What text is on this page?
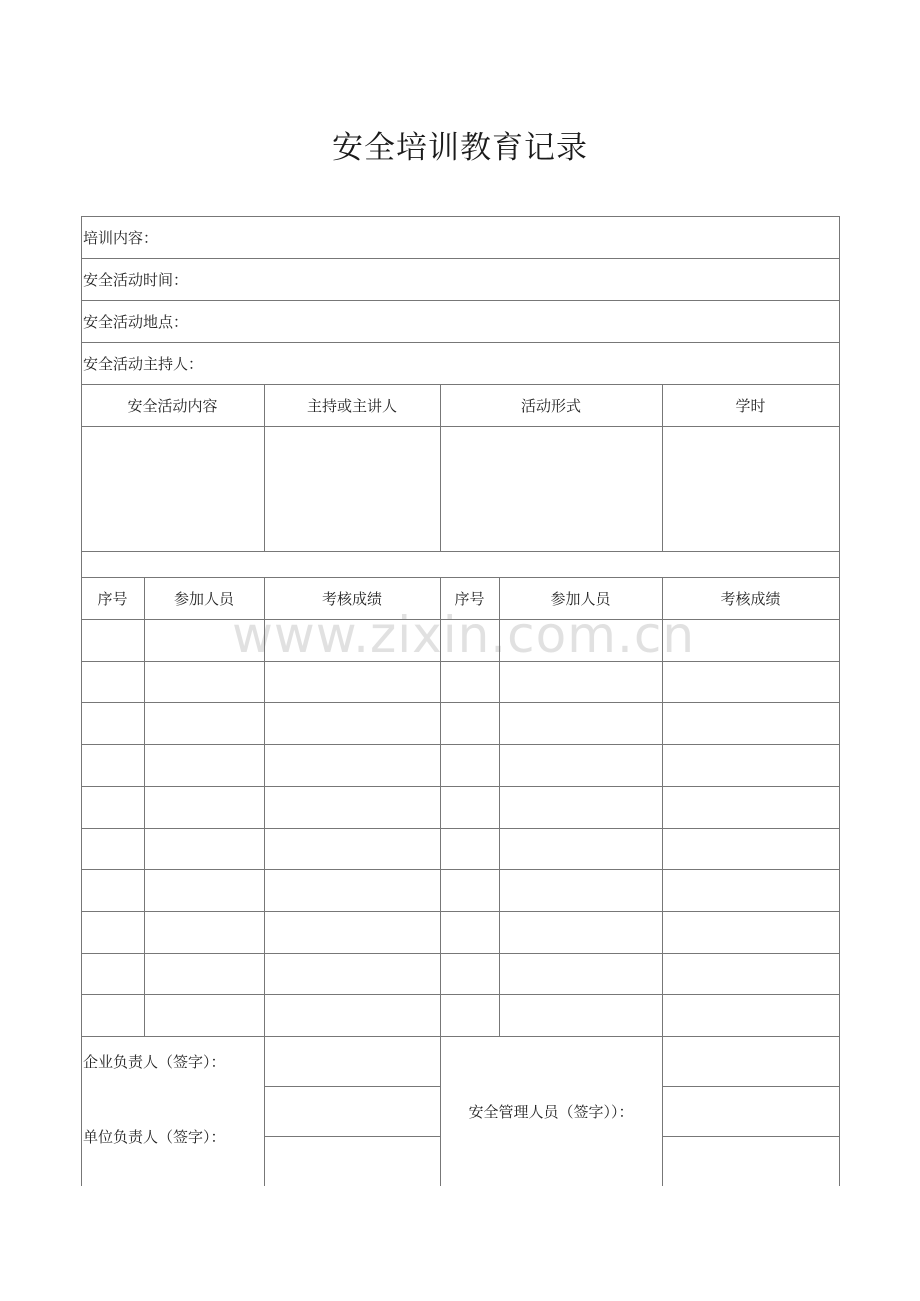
安全培训教育记录
培训内容：
安全活动时间：
安全活动地点：
安全活动主持人：
安全活动内容	主持或主讲人	活动形式	学时
序号	参加人员	考核成绩	序号	参加人员	考核成绩
企业负责人（签字）：
单位负责人（签字）：
安全管理人员（签字））：
www.zixin.com.cn
